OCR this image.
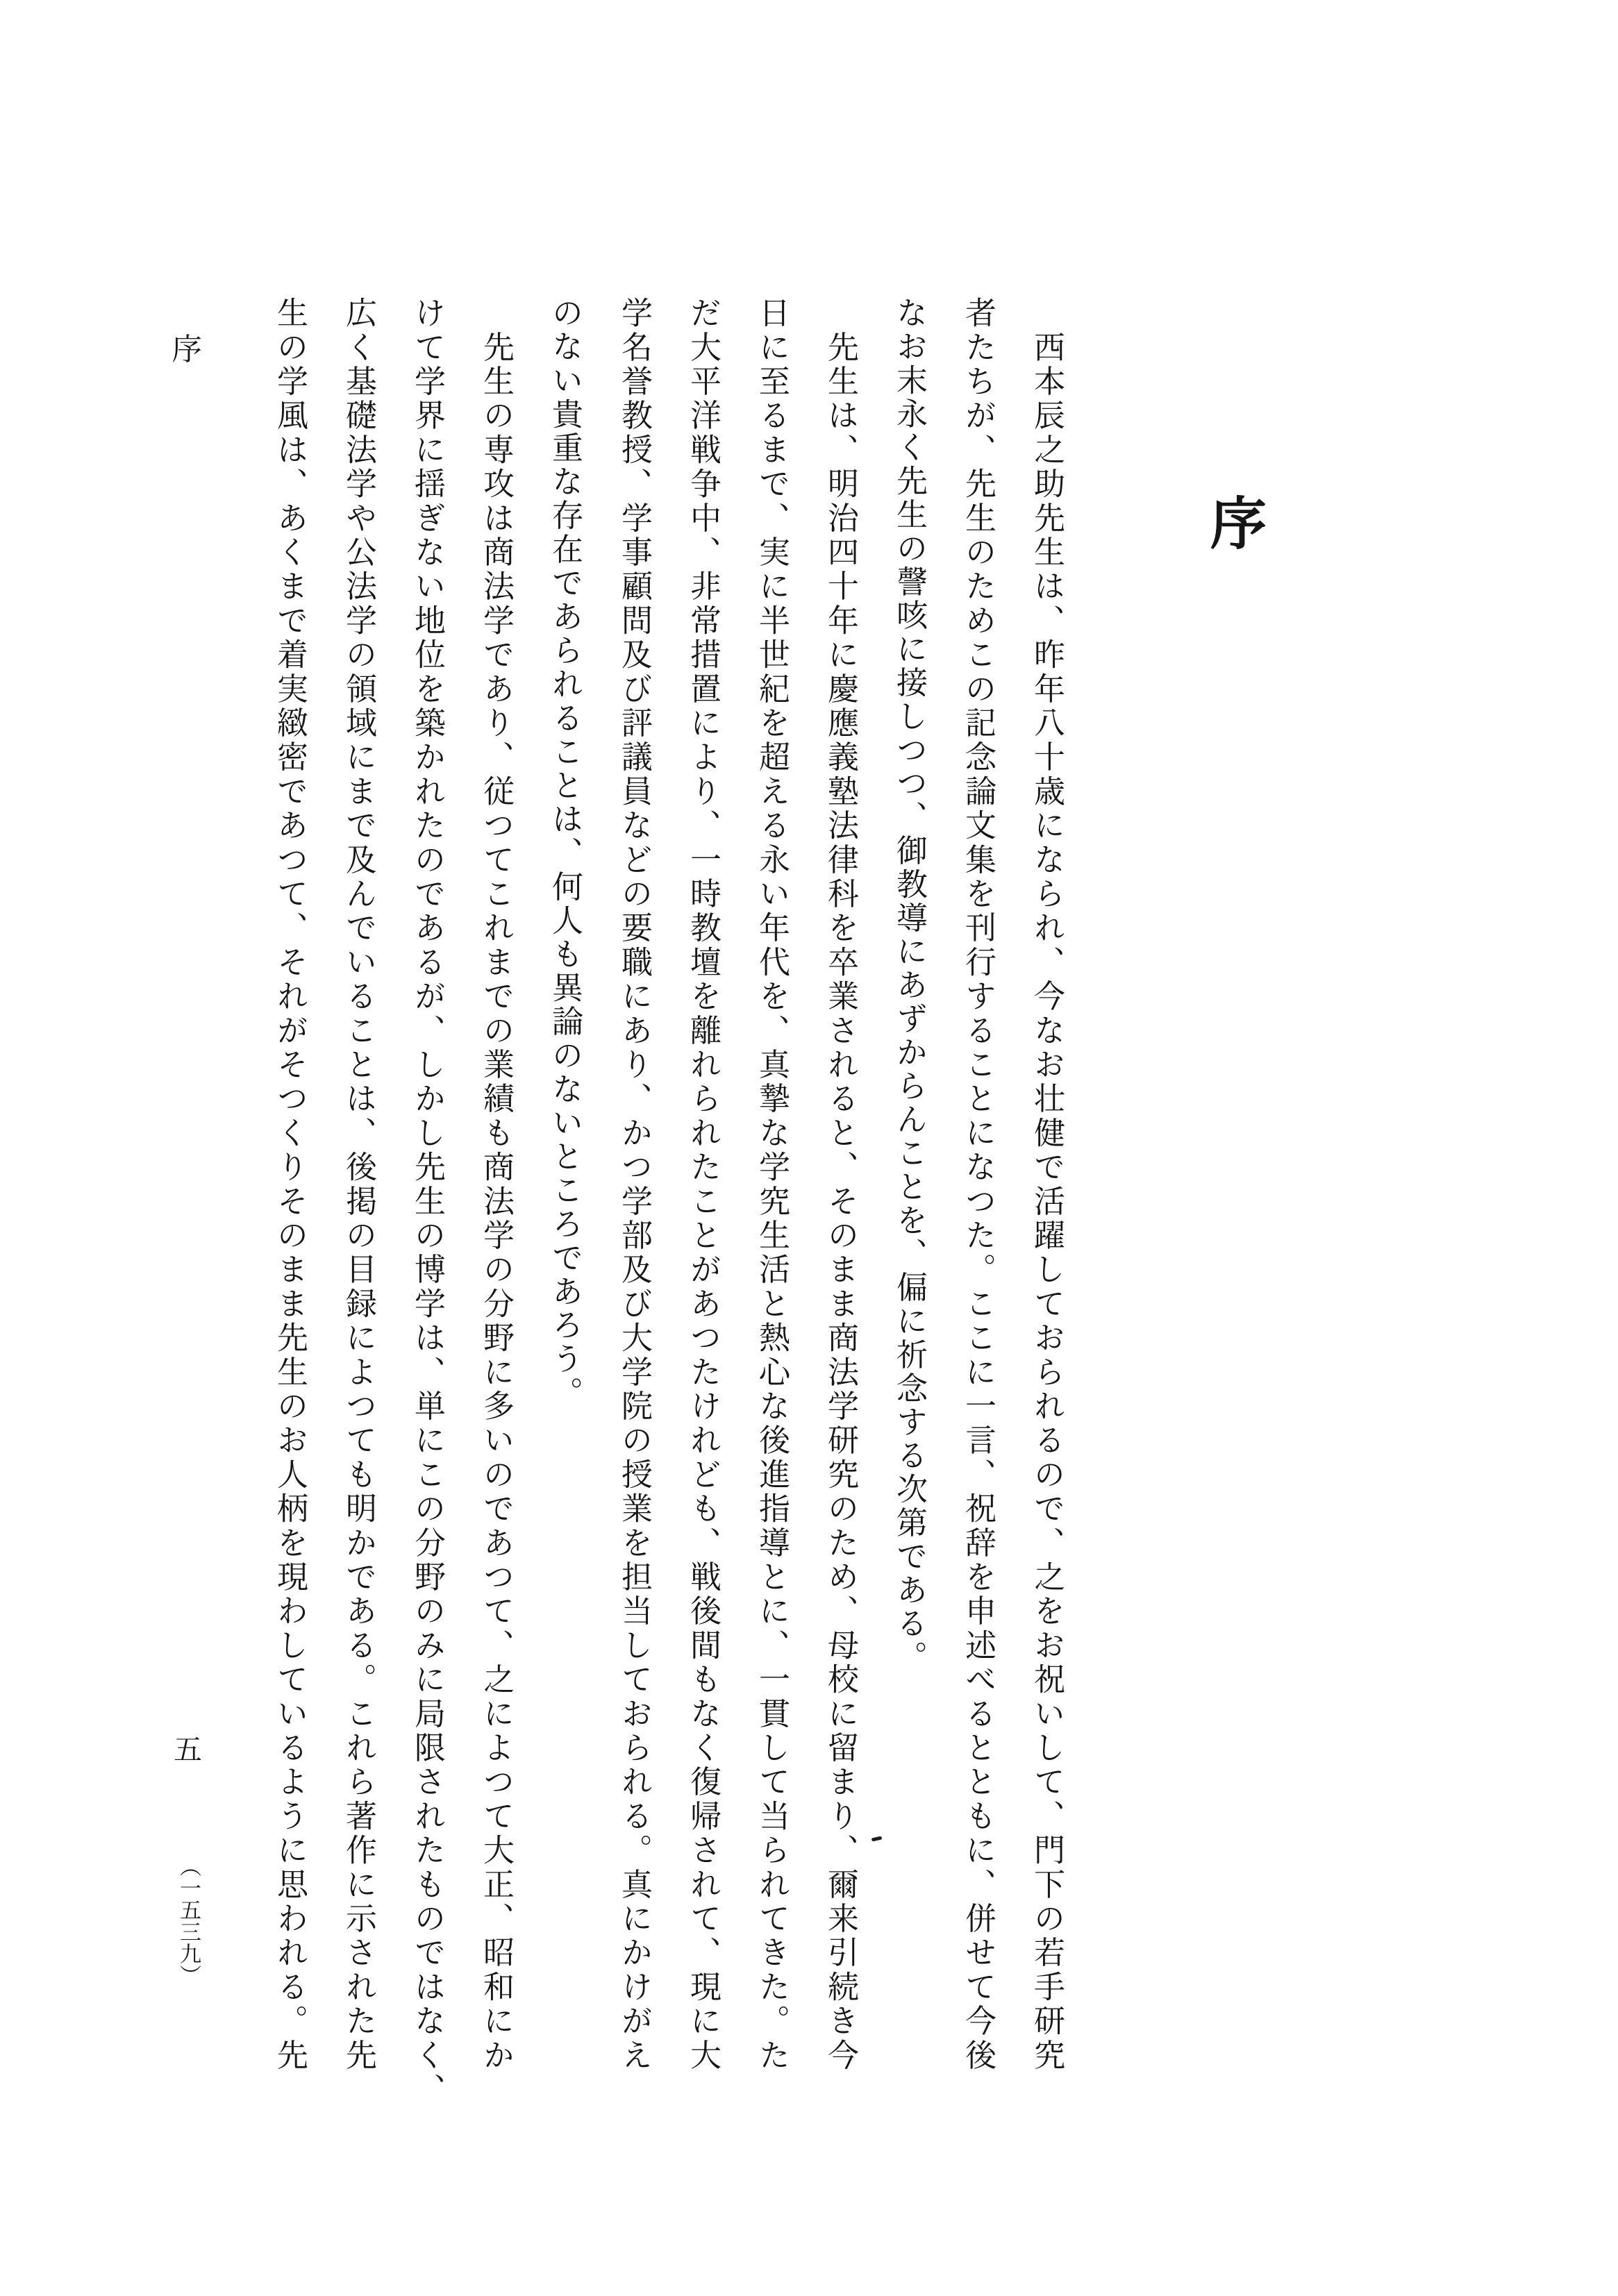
序
序
　西本辰之助先生は、昨年八十歳になられ、今なお壮健で活躍しておられるので、之をお祝いして、門下の若手研究
者たちが、先生のためこの記念論文集を刊行することになつた。ここに一言、祝辞を申述べるとともに、併せて今後
なお末永く先生の謦咳に接しつつ、御教導にあずからんことを、偏に祈念する次第である。
　先生は、明治四十年に慶應義塾法律科を卒業されると、そのまま商法学研究のため、母校に留まり、爾来引続き今
日に至るまで、実に半世紀を超える永い年代を、真摯な学究生活と熱心な後進指導とに、一貫して当られてきた。た
だ大平洋戦争中、非常措置により、一時教壇を離れられたことがあつたけれども、戦後間もなく復帰されて、現に大
学名誉教授、学事顧問及び評議員などの要職にあり、かつ学部及び大学院の授業を担当しておられる。真にかけがえ
のない貴重な存在であられることは、何人も異論のないところであろう。
　先生の専攻は商法学であり、従つてこれまでの業績も商法学の分野に多いのであつて、之によつて大正、昭和にか
けて学界に揺ぎない地位を築かれたのであるが、しかし先生の博学は、単にこの分野のみに局限されたものではなく、
広く基礎法学や公法学の領域にまで及んでいることは、後掲の目録によつても明かである。これら著作に示された先
生の学風は、あくまで着実緻密であつて、それがそつくりそのまま先生のお人柄を現わしているように思われる。先
五
（一五三九）
